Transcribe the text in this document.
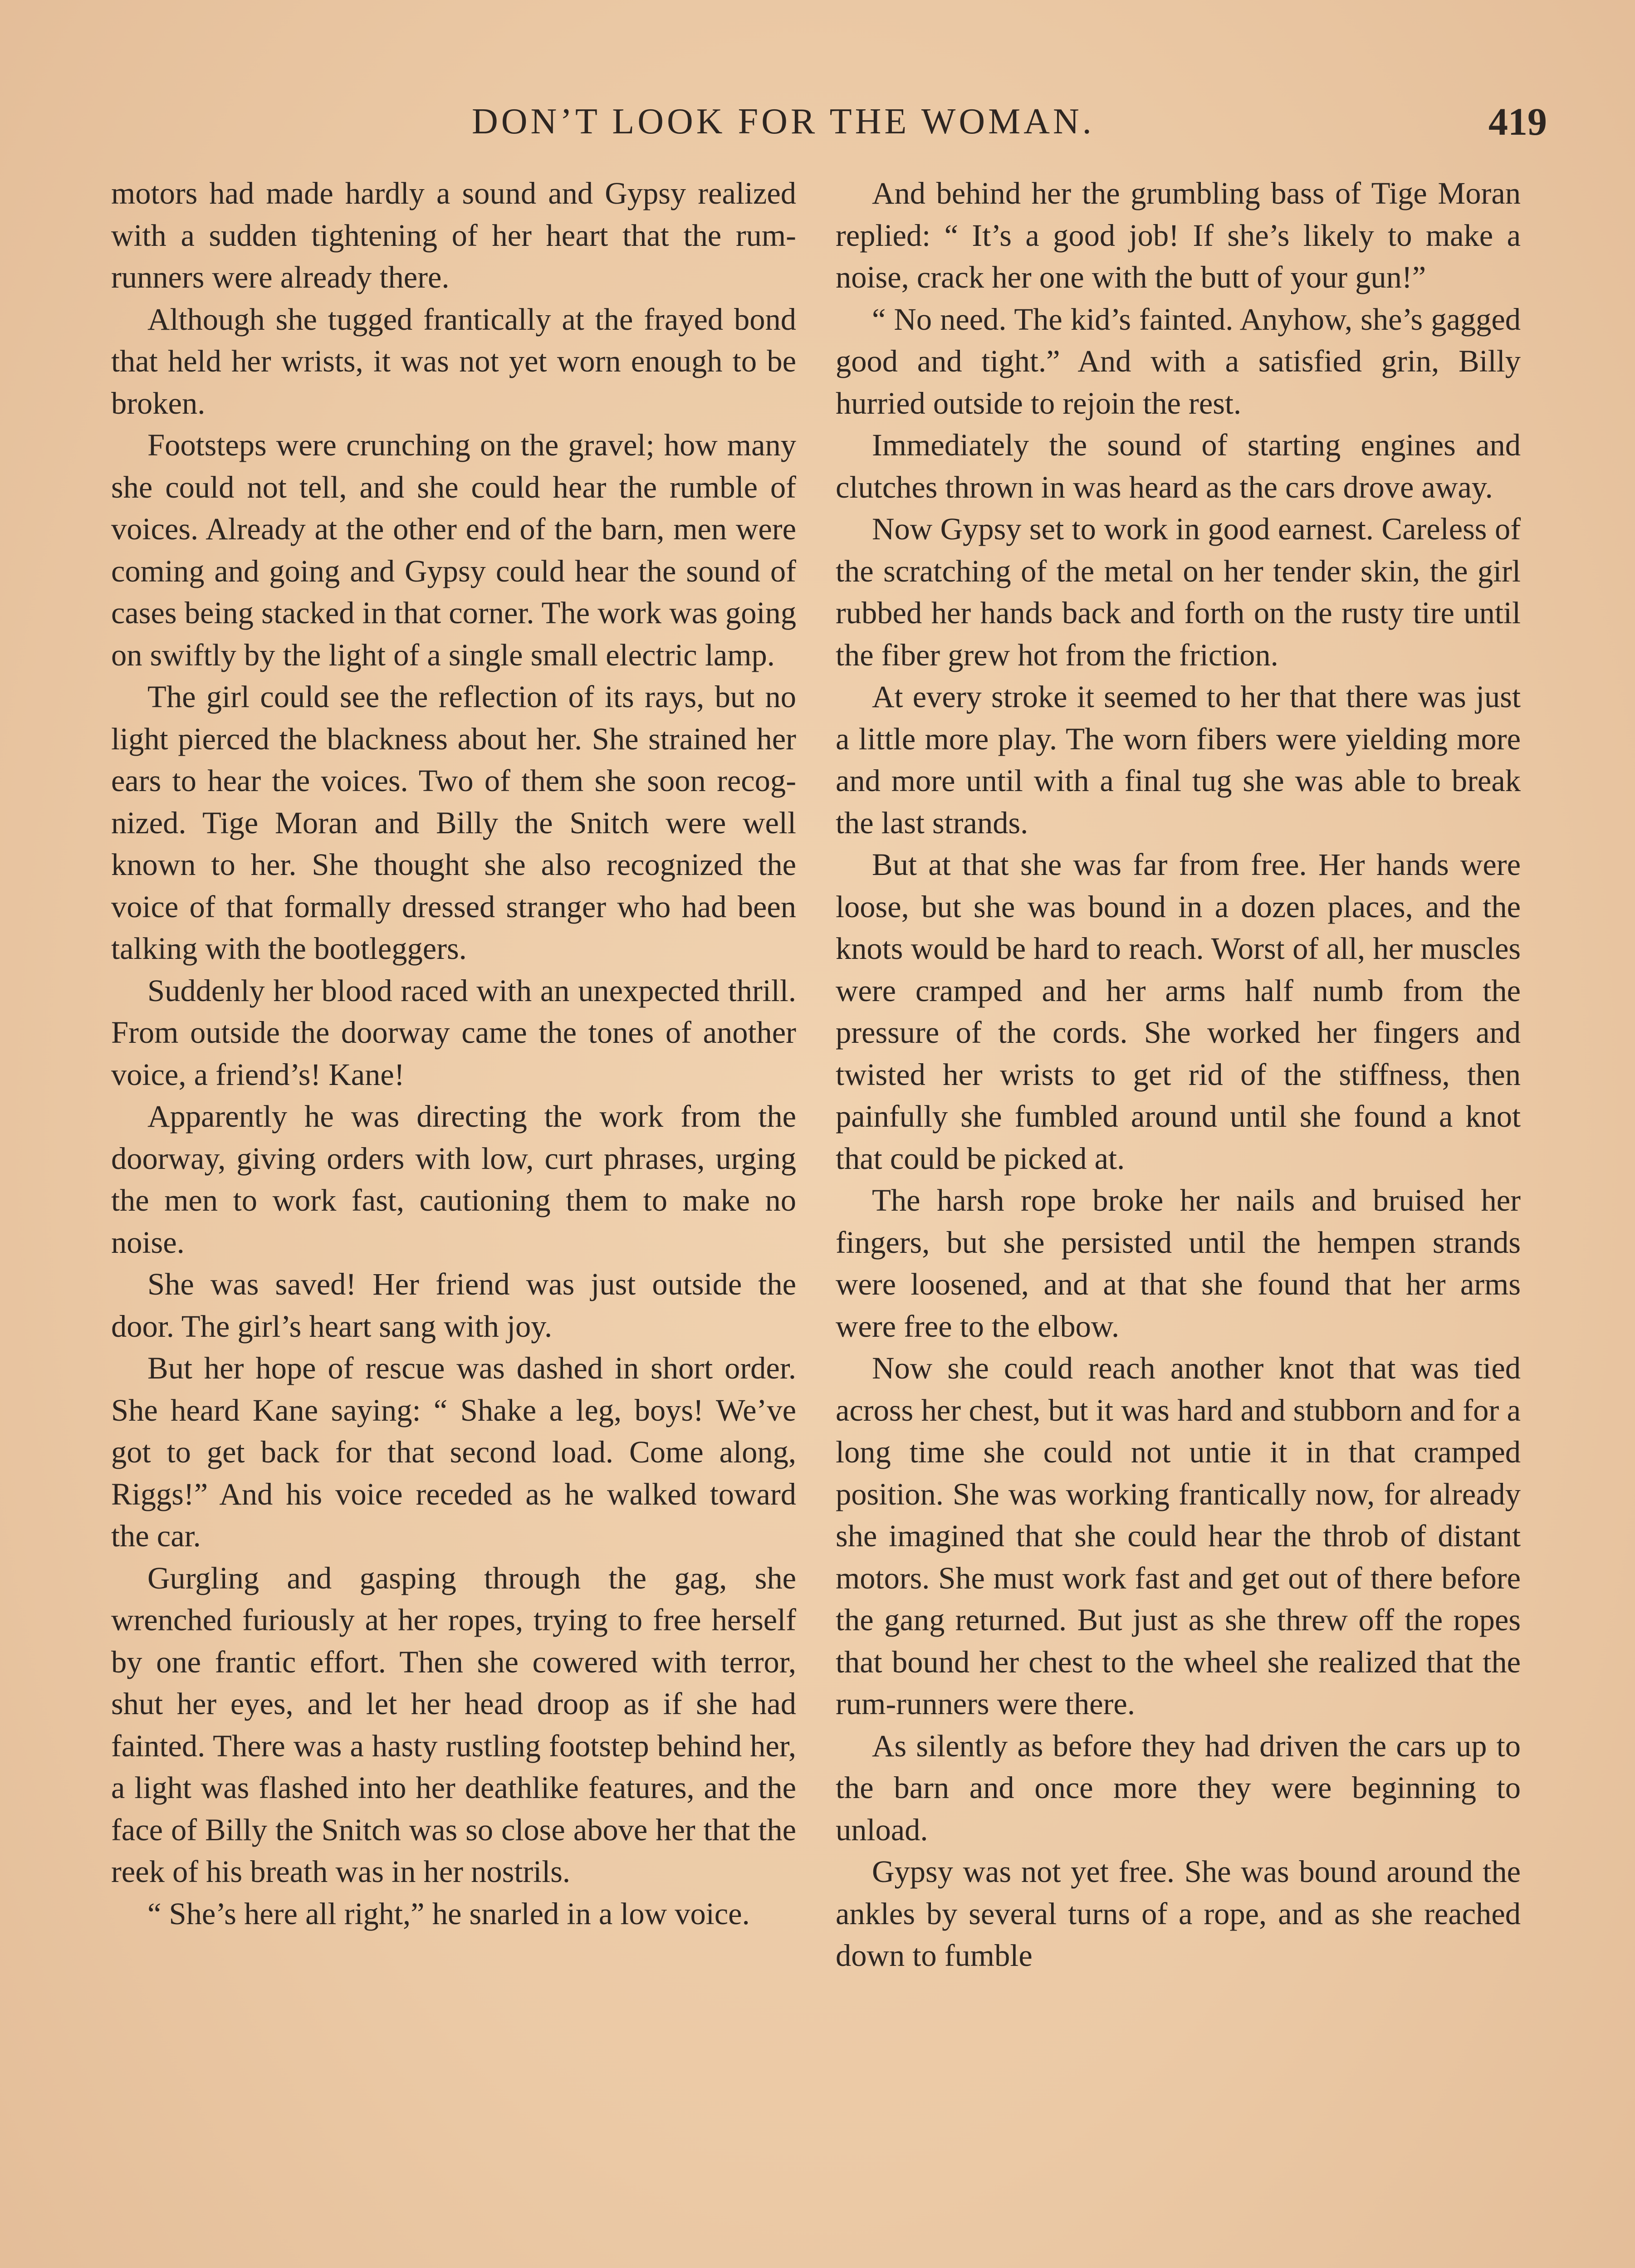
DON’T LOOK FOR THE WOMAN.	419

motors had made hardly a sound and Gypsy realized with a sudden tightening of her heart that the rum-runners were already there.

Although she tugged frantically at the frayed bond that held her wrists, it was not yet worn enough to be broken.

Footsteps were crunching on the gravel; how many she could not tell, and she could hear the rumble of voices. Already at the other end of the barn, men were coming and going and Gypsy could hear the sound of cases being stacked in that corner. The work was going on swiftly by the light of a single small electric lamp.

The girl could see the reflection of its rays, but no light pierced the blackness about her. She strained her ears to hear the voices. Two of them she soon recognized. Tige Moran and Billy the Snitch were well known to her. She thought she also recognized the voice of that formally dressed stranger who had been talking with the bootleggers.

Suddenly her blood raced with an unexpected thrill. From outside the doorway came the tones of another voice, a friend’s! Kane!

Apparently he was directing the work from the doorway, giving orders with low, curt phrases, urging the men to work fast, cautioning them to make no noise.

She was saved! Her friend was just outside the door. The girl’s heart sang with joy.

But her hope of rescue was dashed in short order. She heard Kane saying: “ Shake a leg, boys! We’ve got to get back for that second load. Come along, Riggs!” And his voice receded as he walked toward the car.

Gurgling and gasping through the gag, she wrenched furiously at her ropes, trying to free herself by one frantic effort. Then she cowered with terror, shut her eyes, and let her head droop as if she had fainted. There was a hasty rustling footstep behind her, a light was flashed into her deathlike features, and the face of Billy the Snitch was so close above her that the reek of his breath was in her nostrils.

“ She’s here all right,” he snarled in a low voice.

And behind her the grumbling bass of Tige Moran replied: “ It’s a good job! If she’s likely to make a noise, crack her one with the butt of your gun!”

“ No need. The kid’s fainted. Anyhow, she’s gagged good and tight.” And with a satisfied grin, Billy hurried outside to rejoin the rest.

Immediately the sound of starting engines and clutches thrown in was heard as the cars drove away.

Now Gypsy set to work in good earnest. Careless of the scratching of the metal on her tender skin, the girl rubbed her hands back and forth on the rusty tire until the fiber grew hot from the friction.

At every stroke it seemed to her that there was just a little more play. The worn fibers were yielding more and more until with a final tug she was able to break the last strands.

But at that she was far from free. Her hands were loose, but she was bound in a dozen places, and the knots would be hard to reach. Worst of all, her muscles were cramped and her arms half numb from the pressure of the cords. She worked her fingers and twisted her wrists to get rid of the stiffness, then painfully she fumbled around until she found a knot that could be picked at.

The harsh rope broke her nails and bruised her fingers, but she persisted until the hempen strands were loosened, and at that she found that her arms were free to the elbow.

Now she could reach another knot that was tied across her chest, but it was hard and stubborn and for a long time she could not untie it in that cramped position. She was working frantically now, for already she imagined that she could hear the throb of distant motors. She must work fast and get out of there before the gang returned. But just as she threw off the ropes that bound her chest to the wheel she realized that the rum-runners were there.

As silently as before they had driven the cars up to the barn and once more they were beginning to unload.

Gypsy was not yet free. She was bound around the ankles by several turns of a rope, and as she reached down to fumble
